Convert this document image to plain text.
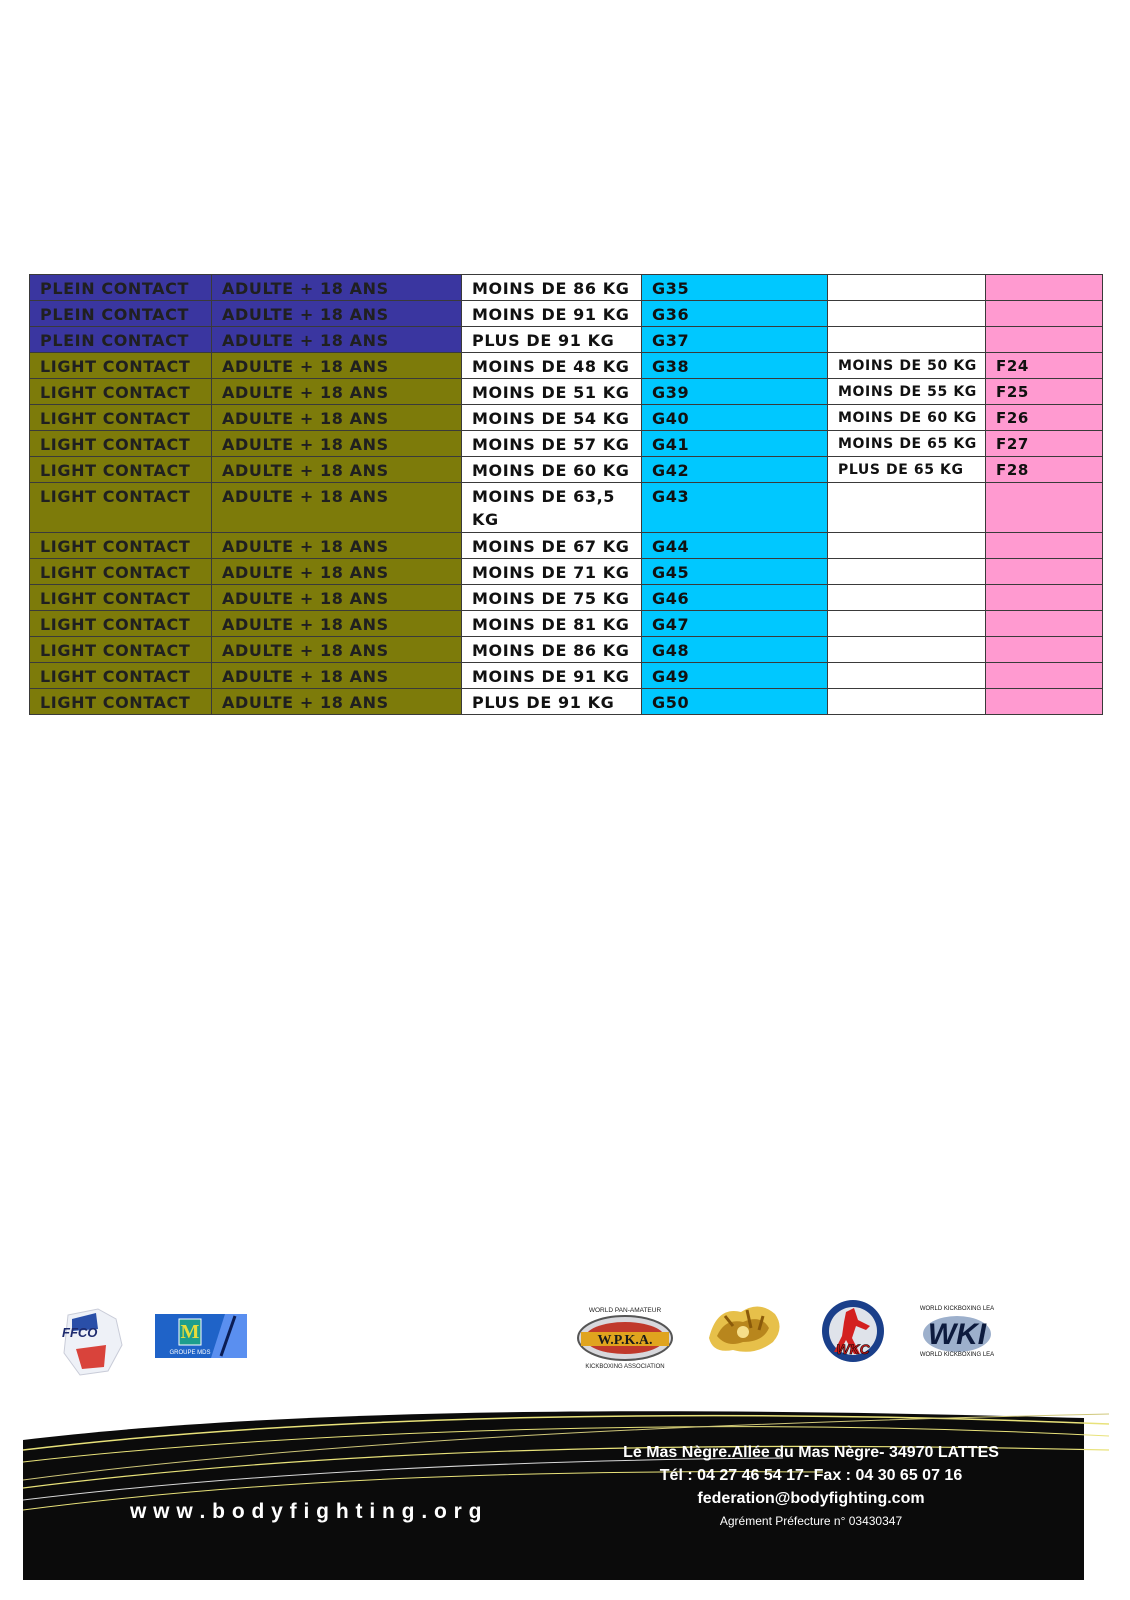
PLEIN CONTACT	ADULTE + 18 ANS	MOINS DE 86 KG	G35		
PLEIN CONTACT	ADULTE + 18 ANS	MOINS DE 91 KG	G36		
PLEIN CONTACT	ADULTE + 18 ANS	PLUS DE 91 KG	G37		
LIGHT CONTACT	ADULTE + 18 ANS	MOINS DE 48 KG	G38	MOINS DE 50 KG	F24
LIGHT CONTACT	ADULTE + 18 ANS	MOINS DE 51 KG	G39	MOINS DE 55 KG	F25
LIGHT CONTACT	ADULTE + 18 ANS	MOINS DE 54 KG	G40	MOINS DE 60 KG	F26
LIGHT CONTACT	ADULTE + 18 ANS	MOINS DE 57 KG	G41	MOINS DE 65 KG	F27
LIGHT CONTACT	ADULTE + 18 ANS	MOINS DE 60 KG	G42	PLUS DE 65 KG	F28
LIGHT CONTACT	ADULTE + 18 ANS	MOINS DE 63,5 KG	G43		
LIGHT CONTACT	ADULTE + 18 ANS	MOINS DE 67 KG	G44		
LIGHT CONTACT	ADULTE + 18 ANS	MOINS DE 71 KG	G45		
LIGHT CONTACT	ADULTE + 18 ANS	MOINS DE 75 KG	G46		
LIGHT CONTACT	ADULTE + 18 ANS	MOINS DE 81 KG	G47		
LIGHT CONTACT	ADULTE + 18 ANS	MOINS DE 86 KG	G48		
LIGHT CONTACT	ADULTE + 18 ANS	MOINS DE 91 KG	G49		
LIGHT CONTACT	ADULTE + 18 ANS	PLUS DE 91 KG	G50		
FFCO	M
GROUPE MDS
W.P.K.A.
WORLD PAN-AMATEUR
KICKBOXING ASSOCIATION
WKC
WORLD KICKBOXING LEA
WKI
WORLD KICKBOXING LEA
w w w . b o d y f i g h t i n g . o r g
Le Mas Nègre.Allée du Mas Nègre- 34970 LATTES
Tél : 04 27 46 54 17- Fax : 04 30 65 07 16
federation@bodyfighting.com
Agrément Préfecture n° 03430347
